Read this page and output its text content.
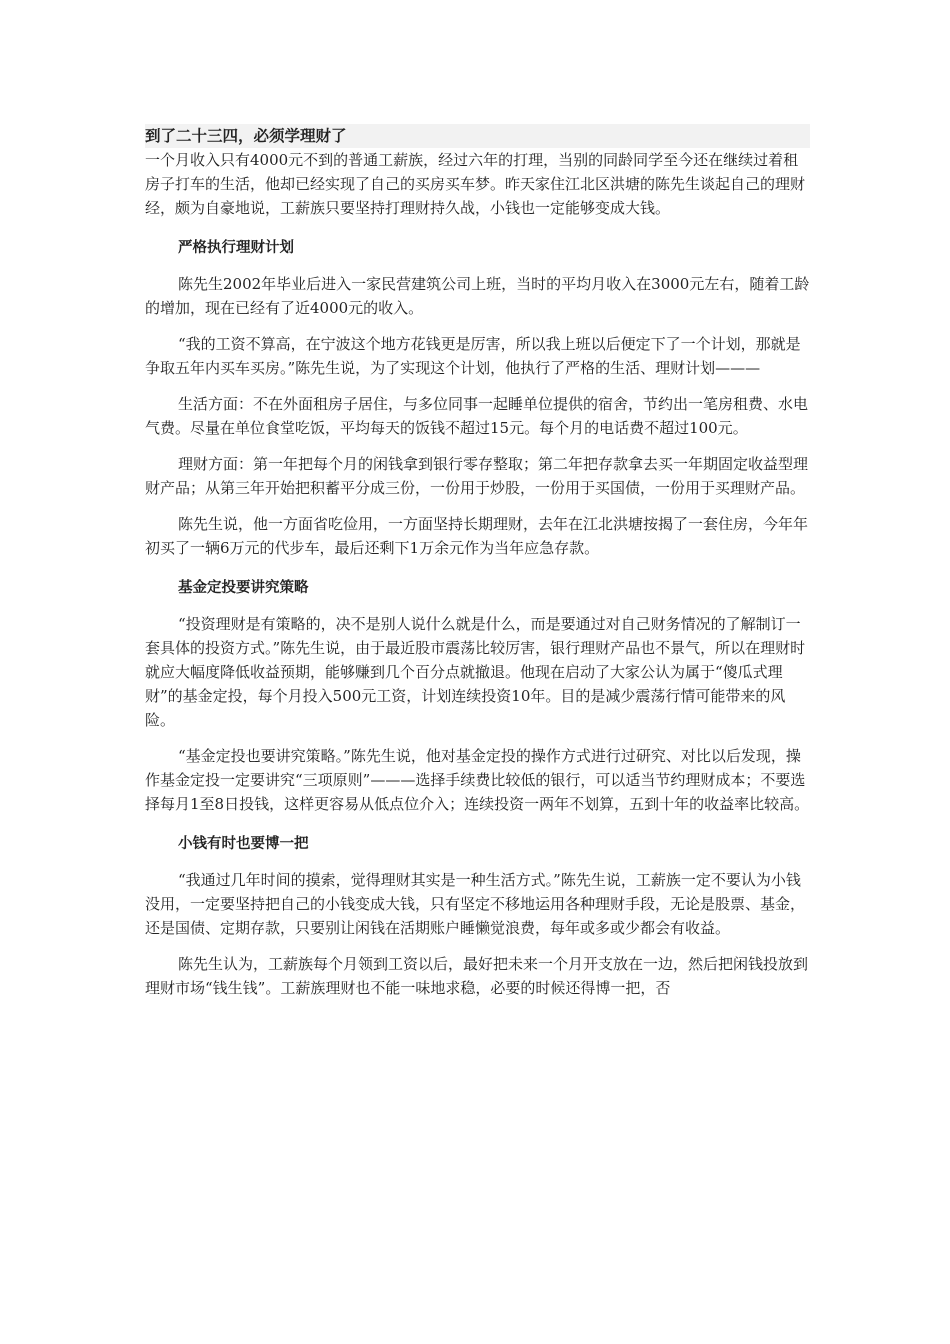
到了二十三四，必须学理财了

一个月收入只有4000元不到的普通工薪族，经过六年的打理，当别的同龄同学至今还在继续过着租房子打车的生活，他却已经实现了自己的买房买车梦。昨天家住江北区洪塘的陈先生谈起自己的理财经，颇为自豪地说，工薪族只要坚持打理财持久战，小钱也一定能够变成大钱。

严格执行理财计划

陈先生2002年毕业后进入一家民营建筑公司上班，当时的平均月收入在3000元左右，随着工龄的增加，现在已经有了近4000元的收入。

“我的工资不算高，在宁波这个地方花钱更是厉害，所以我上班以后便定下了一个计划，那就是争取五年内买车买房。”陈先生说，为了实现这个计划，他执行了严格的生活、理财计划———

生活方面：不在外面租房子居住，与多位同事一起睡单位提供的宿舍，节约出一笔房租费、水电气费。尽量在单位食堂吃饭，平均每天的饭钱不超过15元。每个月的电话费不超过100元。

理财方面：第一年把每个月的闲钱拿到银行零存整取；第二年把存款拿去买一年期固定收益型理财产品；从第三年开始把积蓄平分成三份，一份用于炒股，一份用于买国债，一份用于买理财产品。

陈先生说，他一方面省吃俭用，一方面坚持长期理财，去年在江北洪塘按揭了一套住房，今年年初买了一辆6万元的代步车，最后还剩下1万余元作为当年应急存款。

基金定投要讲究策略

“投资理财是有策略的，决不是别人说什么就是什么，而是要通过对自己财务情况的了解制订一套具体的投资方式。”陈先生说，由于最近股市震荡比较厉害，银行理财产品也不景气，所以在理财时就应大幅度降低收益预期，能够赚到几个百分点就撤退。他现在启动了大家公认为属于“傻瓜式理财”的基金定投，每个月投入500元工资，计划连续投资10年。目的是减少震荡行情可能带来的风险。

“基金定投也要讲究策略。”陈先生说，他对基金定投的操作方式进行过研究、对比以后发现，操作基金定投一定要讲究“三项原则”———选择手续费比较低的银行，可以适当节约理财成本；不要选择每月1至8日投钱，这样更容易从低点位介入；连续投资一两年不划算，五到十年的收益率比较高。

小钱有时也要博一把

“我通过几年时间的摸索，觉得理财其实是一种生活方式。”陈先生说，工薪族一定不要认为小钱没用，一定要坚持把自己的小钱变成大钱，只有坚定不移地运用各种理财手段，无论是股票、基金，还是国债、定期存款，只要别让闲钱在活期账户睡懒觉浪费，每年或多或少都会有收益。

陈先生认为，工薪族每个月领到工资以后，最好把未来一个月开支放在一边，然后把闲钱投放到理财市场“钱生钱”。工薪族理财也不能一味地求稳，必要的时候还得博一把，否
